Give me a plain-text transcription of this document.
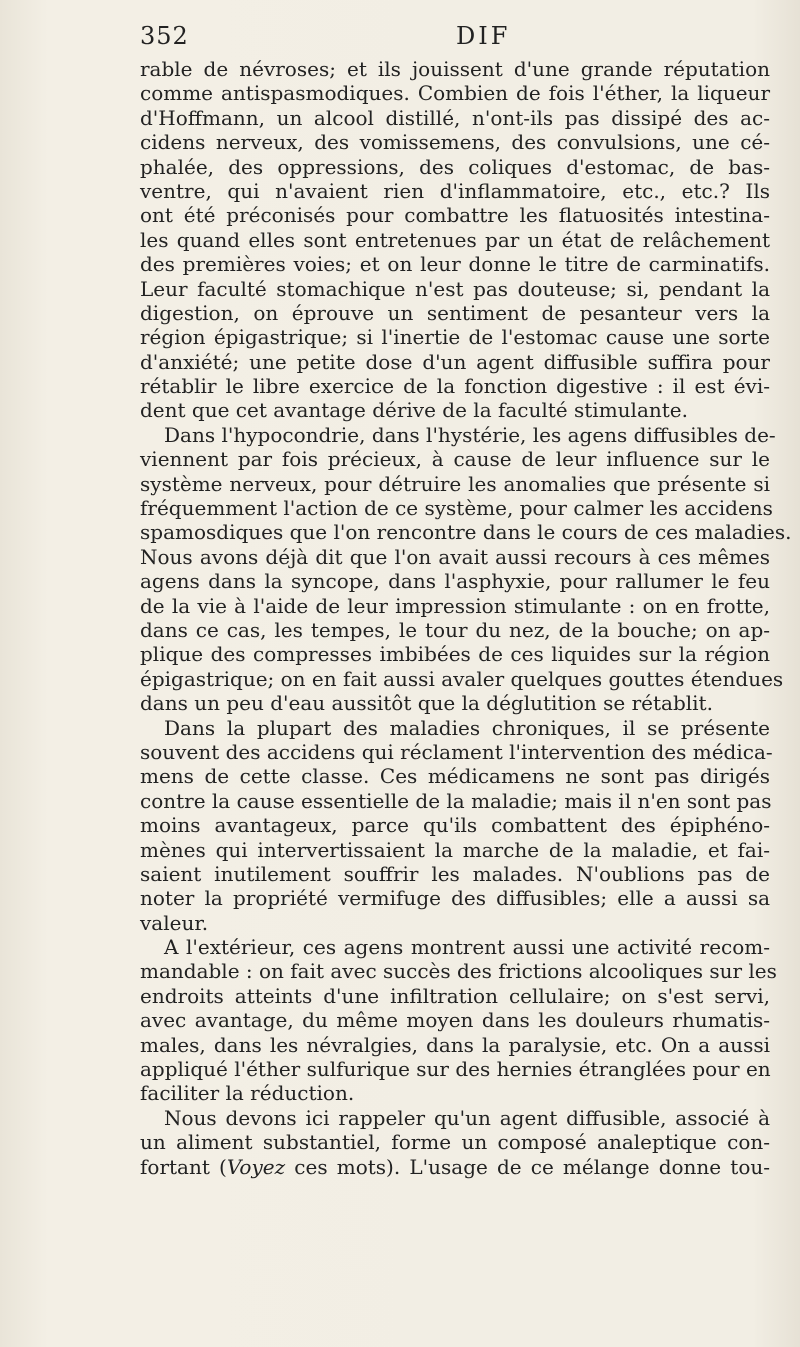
352	DIF
rable de névroses; et ils jouissent d'une grande réputation
comme antispasmodiques. Combien de fois l'éther, la liqueur
d'Hoffmann, un alcool distillé, n'ont-ils pas dissipé des ac-
cidens nerveux, des vomissemens, des convulsions, une cé-
phalée, des oppressions, des coliques d'estomac, de bas-
ventre, qui n'avaient rien d'inflammatoire, etc., etc.? Ils
ont été préconisés pour combattre les flatuosités intestina-
les quand elles sont entretenues par un état de relâchement
des premières voies; et on leur donne le titre de carminatifs.
Leur faculté stomachique n'est pas douteuse; si, pendant la
digestion, on éprouve un sentiment de pesanteur vers la
région épigastrique; si l'inertie de l'estomac cause une sorte
d'anxiété; une petite dose d'un agent diffusible suffira pour
rétablir le libre exercice de la fonction digestive : il est évi-
dent que cet avantage dérive de la faculté stimulante.
Dans l'hypocondrie, dans l'hystérie, les agens diffusibles de-
viennent par fois précieux, à cause de leur influence sur le
système nerveux, pour détruire les anomalies que présente si
fréquemment l'action de ce système, pour calmer les accidens
spamosdiques que l'on rencontre dans le cours de ces maladies.
Nous avons déjà dit que l'on avait aussi recours à ces mêmes
agens dans la syncope, dans l'asphyxie, pour rallumer le feu
de la vie à l'aide de leur impression stimulante : on en frotte,
dans ce cas, les tempes, le tour du nez, de la bouche; on ap-
plique des compresses imbibées de ces liquides sur la région
épigastrique; on en fait aussi avaler quelques gouttes étendues
dans un peu d'eau aussitôt que la déglutition se rétablit.
Dans la plupart des maladies chroniques, il se présente
souvent des accidens qui réclament l'intervention des médica-
mens de cette classe. Ces médicamens ne sont pas dirigés
contre la cause essentielle de la maladie; mais il n'en sont pas
moins avantageux, parce qu'ils combattent des épiphéno-
mènes qui intervertissaient la marche de la maladie, et fai-
saient inutilement souffrir les malades. N'oublions pas de
noter la propriété vermifuge des diffusibles; elle a aussi sa
valeur.
A l'extérieur, ces agens montrent aussi une activité recom-
mandable : on fait avec succès des frictions alcooliques sur les
endroits atteints d'une infiltration cellulaire; on s'est servi,
avec avantage, du même moyen dans les douleurs rhumatis-
males, dans les névralgies, dans la paralysie, etc. On a aussi
appliqué l'éther sulfurique sur des hernies étranglées pour en
faciliter la réduction.
Nous devons ici rappeler qu'un agent diffusible, associé à
un aliment substantiel, forme un composé analeptique con-
fortant (Voyez ces mots). L'usage de ce mélange donne tou-
